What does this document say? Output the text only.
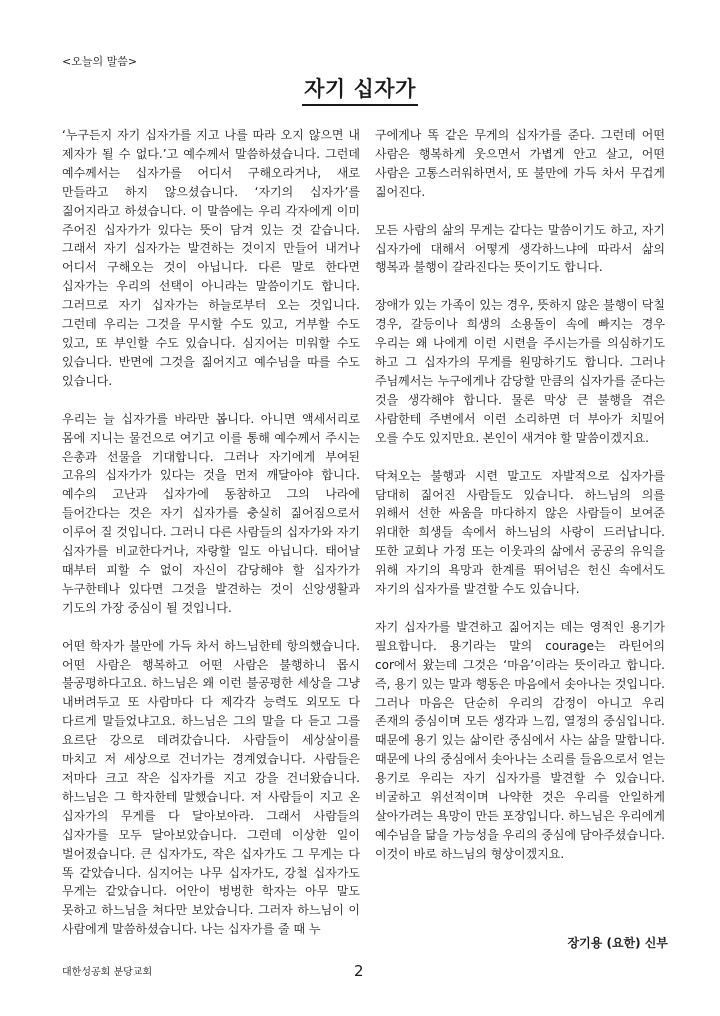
<오늘의 말씀>
자기 십자가

‘누구든지 자기 십자가를 지고 나를 따라 오지 않으면 내 제자가 될 수 없다.’고 예수께서 말씀하셨습니다. 그런데 예수께서는 십자가를 어디서 구해오라거나, 새로 만들라고 하지 않으셨습니다. ‘자기의 십자가’를 짊어지라고 하셨습니다. 이 말씀에는 우리 각자에게 이미 주어진 십자가가 있다는 뜻이 담겨 있는 것 같습니다. 그래서 자기 십자가는 발견하는 것이지 만들어 내거나 어디서 구해오는 것이 아닙니다. 다른 말로 한다면 십자가는 우리의 선택이 아니라는 말씀이기도 합니다. 그러므로 자기 십자가는 하늘로부터 오는 것입니다. 그런데 우리는 그것을 무시할 수도 있고, 거부할 수도 있고, 또 부인할 수도 있습니다. 심지어는 미워할 수도 있습니다. 반면에 그것을 짊어지고 예수님을 따를 수도 있습니다.

우리는 늘 십자가를 바라만 봅니다. 아니면 액세서리로 몸에 지니는 물건으로 여기고 이를 통해 예수께서 주시는 은총과 선물을 기대합니다. 그러나 자기에게 부여된 고유의 십자가가 있다는 것을 먼저 깨달아야 합니다. 예수의 고난과 십자가에 동참하고 그의 나라에 들어간다는 것은 자기 십자가를 충실히 짊어짐으로서 이루어 질 것입니다. 그러니 다른 사람들의 십자가와 자기 십자가를 비교한다거나, 자랑할 일도 아닙니다. 태어날 때부터 피할 수 없이 자신이 감당해야 할 십자가가 누구한테나 있다면 그것을 발견하는 것이 신앙생활과 기도의 가장 중심이 될 것입니다.

어떤 학자가 불만에 가득 차서 하느님한테 항의했습니다. 어떤 사람은 행복하고 어떤 사람은 불행하니 몹시 불공평하다고요. 하느님은 왜 이런 불공평한 세상을 그냥 내버려두고 또 사람마다 다 제각각 능력도 외모도 다 다르게 말들었냐고요. 하느님은 그의 말을 다 듣고 그를 요르단 강으로 데려갔습니다. 사람들이 세상살이를 마치고 저 세상으로 건너가는 경계였습니다. 사람들은 저마다 크고 작은 십자가를 지고 강을 건너왔습니다. 하느님은 그 학자한테 말했습니다. 저 사람들이 지고 온 십자가의 무게를 다 달아보아라. 그래서 사람들의 십자가를 모두 달아보았습니다. 그런데 이상한 일이 벌어졌습니다. 큰 십자가도, 작은 십자가도 그 무게는 다 똑 같았습니다. 심지어는 나무 십자가도, 강철 십자가도 무게는 같았습니다. 어안이 벙벙한 학자는 아무 말도 못하고 하느님을 쳐다만 보았습니다. 그러자 하느님이 이 사람에게 말씀하셨습니다. 나는 십자가를 줄 때 누

구에게나 똑 같은 무게의 십자가를 준다. 그런데 어떤 사람은 행복하게 웃으면서 가볍게 안고 살고, 어떤 사람은 고통스러워하면서, 또 불만에 가득 차서 무겁게 짊어진다.

모든 사람의 삶의 무게는 같다는 말씀이기도 하고, 자기 십자가에 대해서 어떻게 생각하느냐에 따라서 삶의 행복과 불행이 갈라진다는 뜻이기도 합니다.

장애가 있는 가족이 있는 경우, 뜻하지 않은 불행이 닥칠 경우, 갈등이나 희생의 소용돌이 속에 빠지는 경우 우리는 왜 나에게 이런 시련을 주시는가를 의심하기도 하고 그 십자가의 무게를 원망하기도 합니다. 그러나 주님께서는 누구에게나 감당할 만큼의 십자가를 준다는 것을 생각해야 합니다. 물론 막상 큰 불행을 겪은 사람한테 주변에서 이런 소리하면 더 부아가 치밀어 오를 수도 있지만요. 본인이 새겨야 할 말씀이겠지요.

닥쳐오는 불행과 시련 말고도 자발적으로 십자가를 담대히 짊어진 사람들도 있습니다. 하느님의 의를 위해서 선한 싸움을 마다하지 않은 사람들이 보여준 위대한 희생들 속에서 하느님의 사랑이 드러납니다. 또한 교회나 가정 또는 이웃과의 삶에서 공공의 유익을 위해 자기의 욕망과 한계를 뛰어넘은 헌신 속에서도 자기의 십자가를 발견할 수도 있습니다.

자기 십자가를 발견하고 짊어지는 데는 영적인 용기가 필요합니다. 용기라는 말의 courage는 라틴어의 cor에서 왔는데 그것은 ‘마음’이라는 뜻이라고 합니다. 즉, 용기 있는 말과 행동은 마음에서 솟아나는 것입니다. 그러나 마음은 단순히 우리의 감정이 아니고 우리 존재의 중심이며 모든 생각과 느낌, 열정의 중심입니다. 때문에 용기 있는 삶이란 중심에서 사는 삶을 말합니다. 때문에 나의 중심에서 솟아나는 소리를 들음으로서 얻는 용기로 우리는 자기 십자가를 발견할 수 있습니다. 비굴하고 위선적이며 나약한 것은 우리를 안일하게 살아가려는 욕망이 만든 포장입니다. 하느님은 우리에게 예수님을 닮을 가능성을 우리의 중심에 담아주셨습니다. 이것이 바로 하느님의 형상이겠지요.

장기용 (요한) 신부
대한성공회 분당교회	2
